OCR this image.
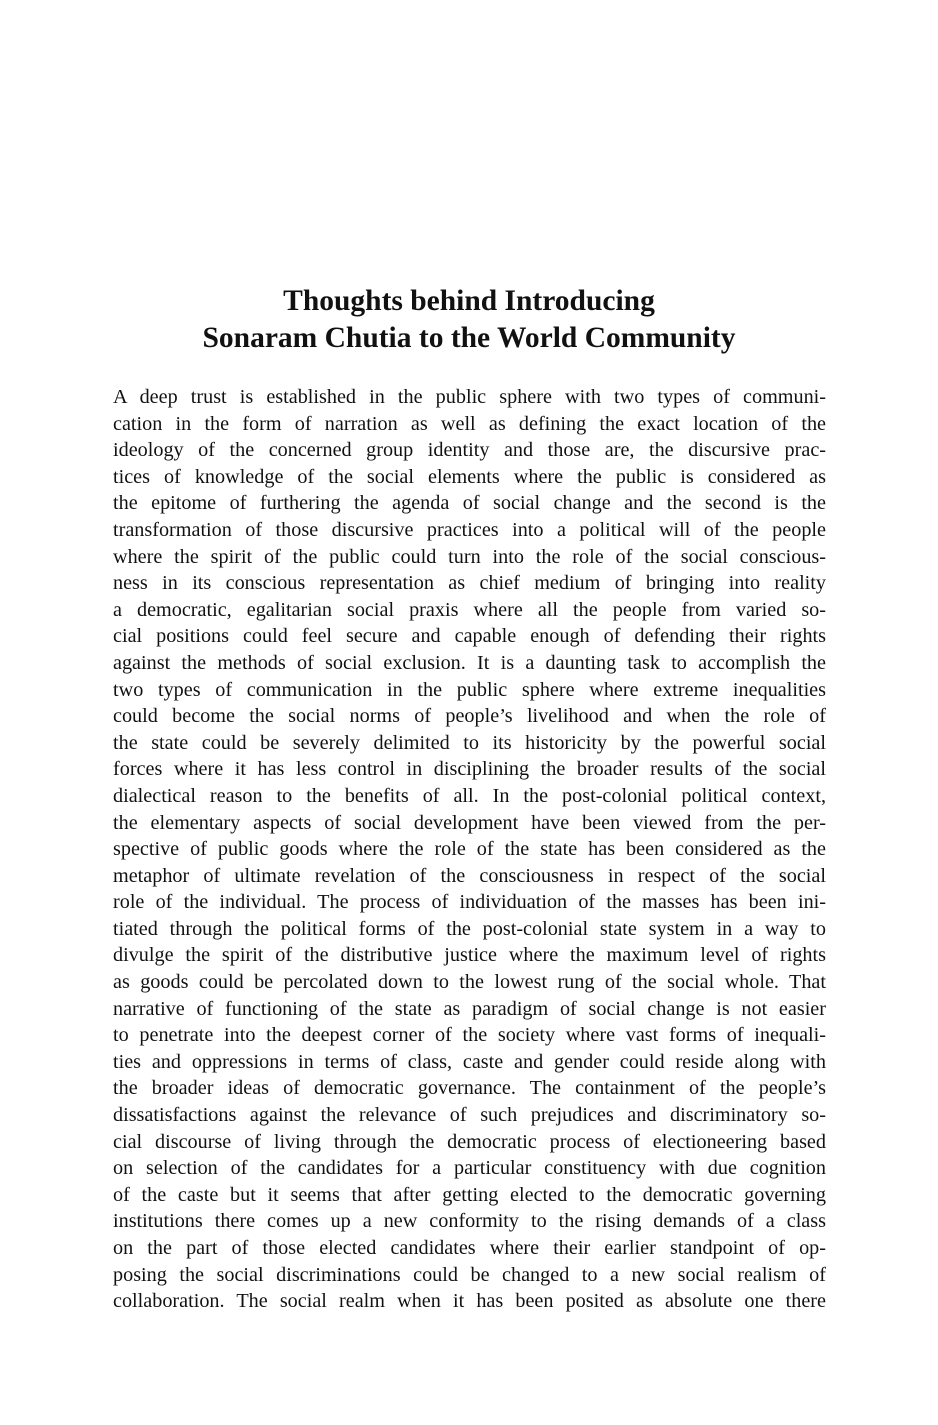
Thoughts behind Introducing
Sonaram Chutia to the World Community
A deep trust is established in the public sphere with two types of communi-
cation in the form of narration as well as defining the exact location of the
ideology of the concerned group identity and those are, the discursive prac-
tices of knowledge of the social elements where the public is considered as
the epitome of furthering the agenda of social change and the second is the
transformation of those discursive practices into a political will of the people
where the spirit of the public could turn into the role of the social conscious-
ness in its conscious representation as chief medium of bringing into reality
a democratic, egalitarian social praxis where all the people from varied so-
cial positions could feel secure and capable enough of defending their rights
against the methods of social exclusion. It is a daunting task to accomplish the
two types of communication in the public sphere where extreme inequalities
could become the social norms of people’s livelihood and when the role of
the state could be severely delimited to its historicity by the powerful social
forces where it has less control in disciplining the broader results of the social
dialectical reason to the benefits of all. In the post-colonial political context,
the elementary aspects of social development have been viewed from the per-
spective of public goods where the role of the state has been considered as the
metaphor of ultimate revelation of the consciousness in respect of the social
role of the individual. The process of individuation of the masses has been ini-
tiated through the political forms of the post-colonial state system in a way to
divulge the spirit of the distributive justice where the maximum level of rights
as goods could be percolated down to the lowest rung of the social whole. That
narrative of functioning of the state as paradigm of social change is not easier
to penetrate into the deepest corner of the society where vast forms of inequali-
ties and oppressions in terms of class, caste and gender could reside along with
the broader ideas of democratic governance. The containment of the people’s
dissatisfactions against the relevance of such prejudices and discriminatory so-
cial discourse of living through the democratic process of electioneering based
on selection of the candidates for a particular constituency with due cognition
of the caste but it seems that after getting elected to the democratic governing
institutions there comes up a new conformity to the rising demands of a class
on the part of those elected candidates where their earlier standpoint of op-
posing the social discriminations could be changed to a new social realism of
collaboration. The social realm when it has been posited as absolute one there
